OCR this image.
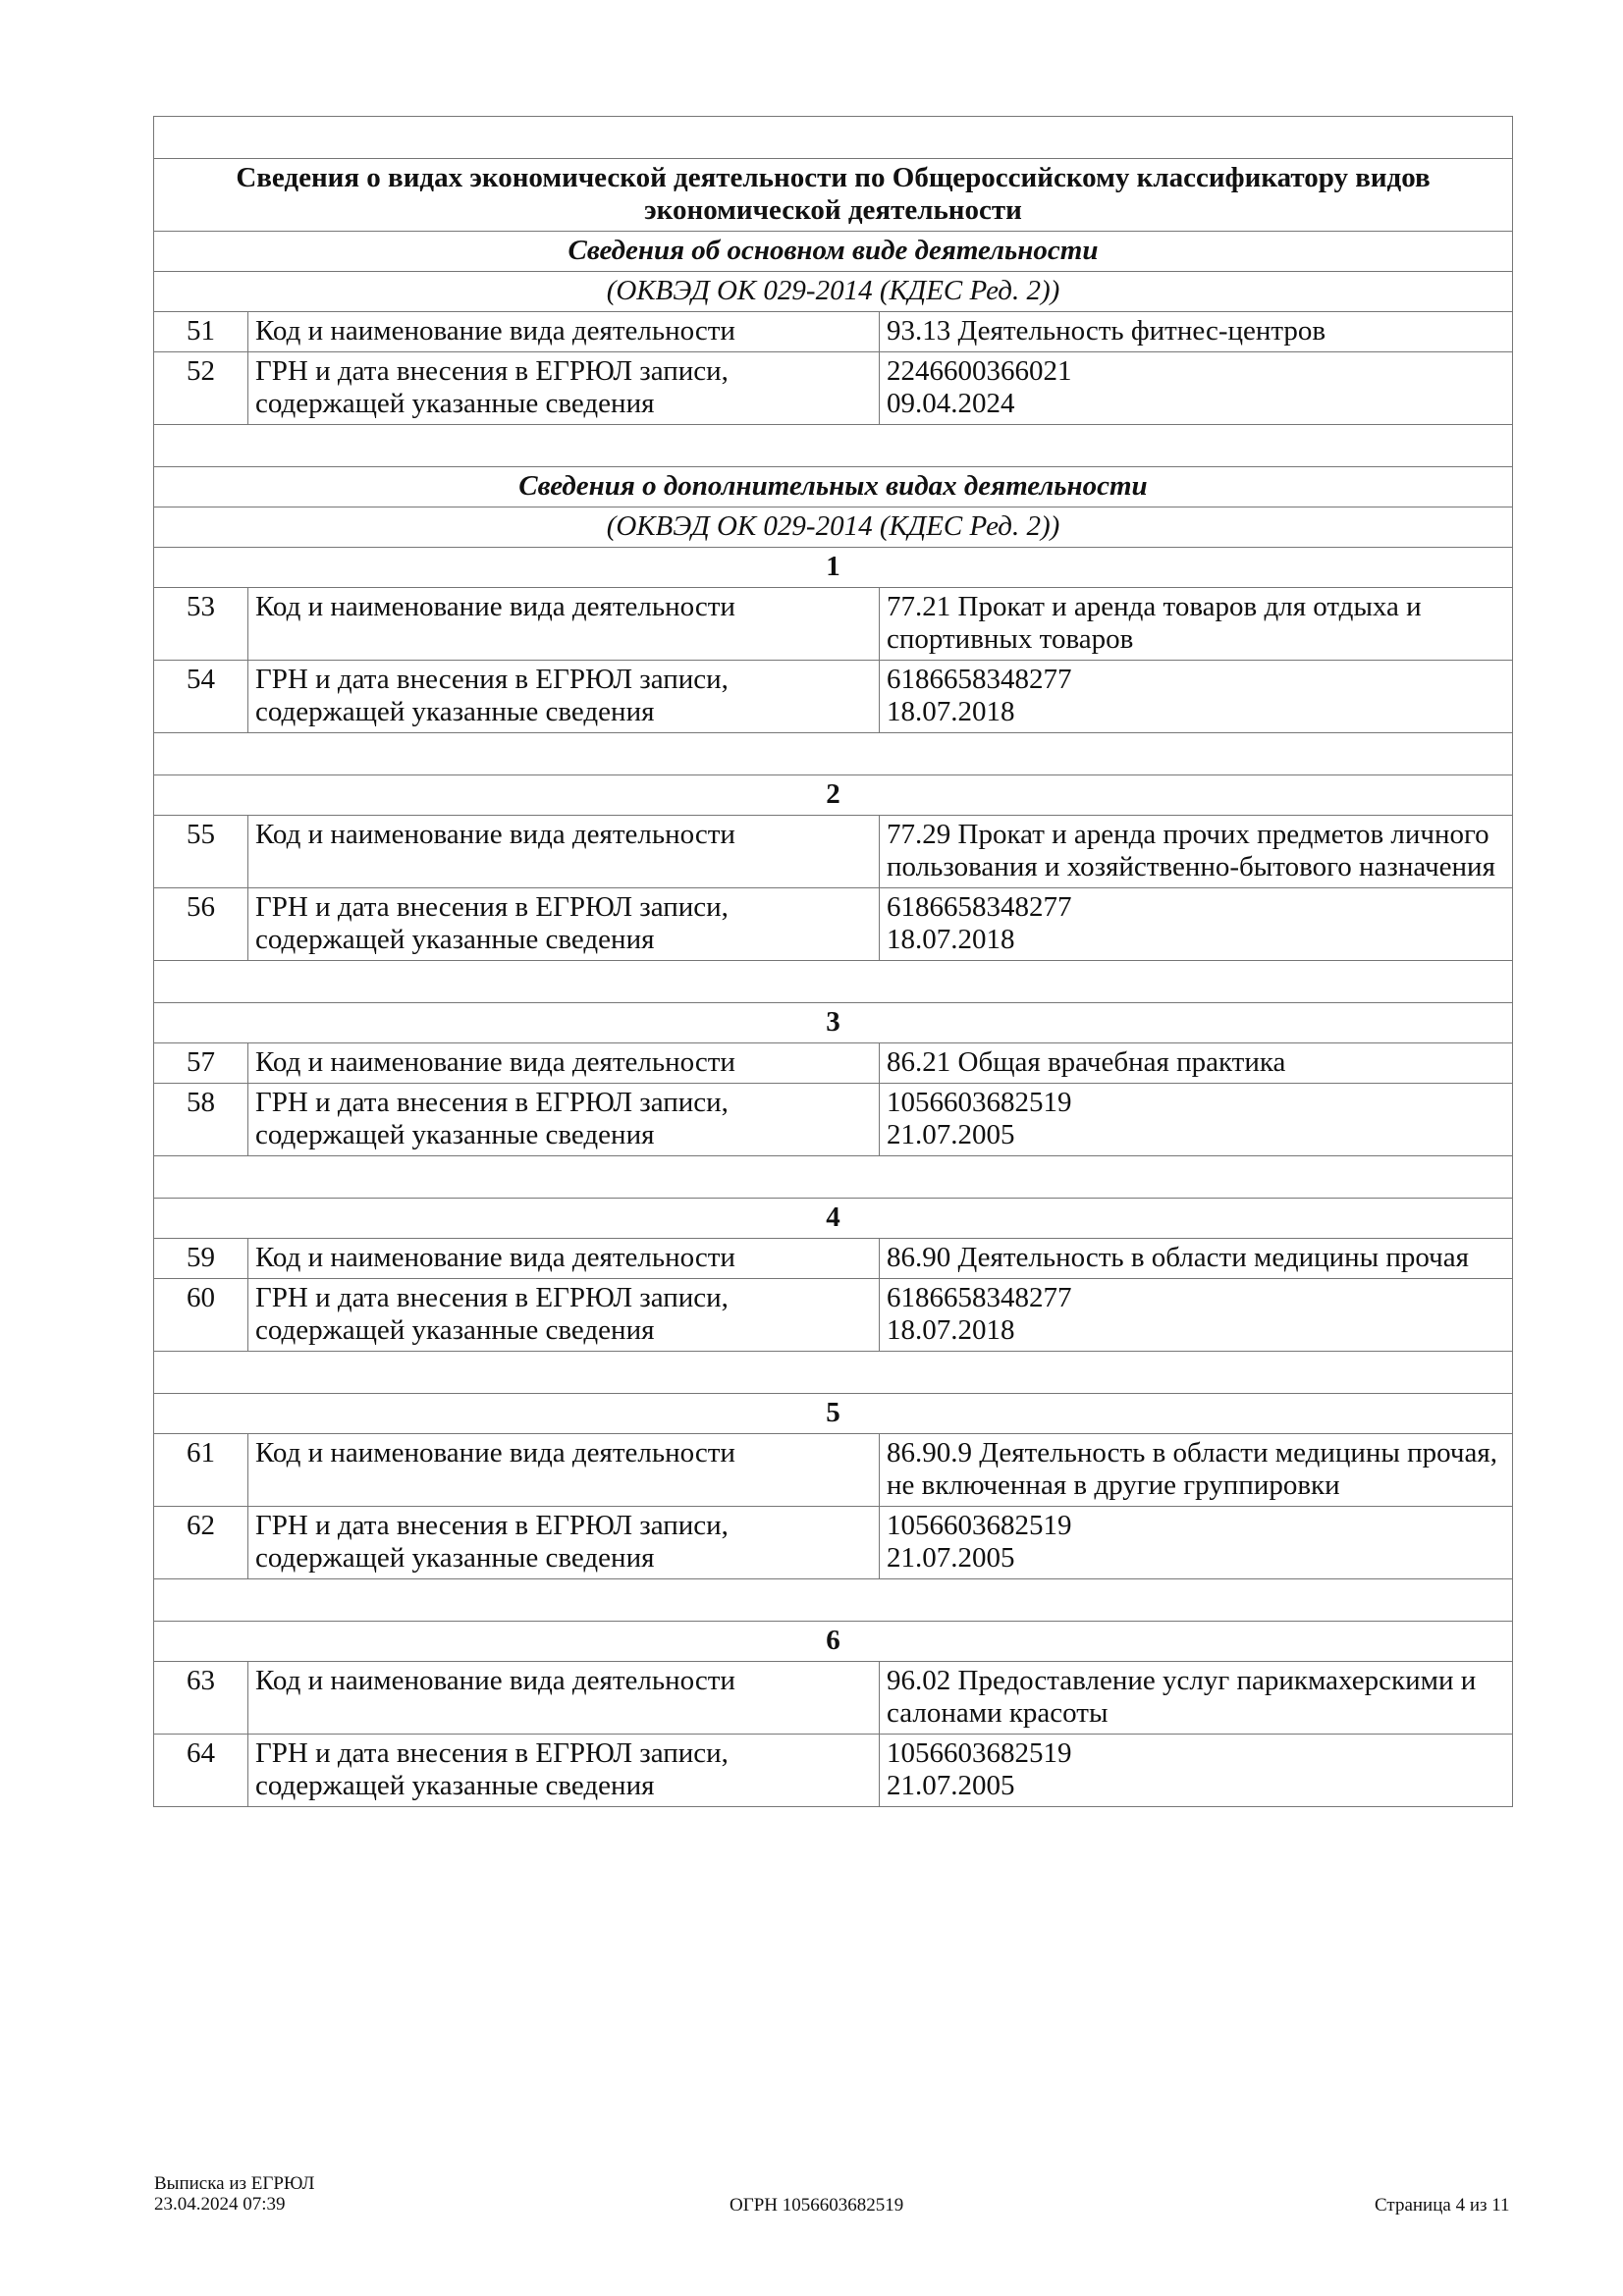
Сведения о видах экономической деятельности по Общероссийскому классификатору видов экономической деятельности		
Сведения об основном виде деятельности		
(ОКВЭД ОК 029-2014 (КДЕС Ред. 2))		
51	Код и наименование вида деятельности	93.13 Деятельность фитнес-центров
52	ГРН и дата внесения в ЕГРЮЛ записи, содержащей указанные сведения	2246600366021
09.04.2024

Сведения о дополнительных видах деятельности		
(ОКВЭД ОК 029-2014 (КДЕС Ред. 2))		
1		
53	Код и наименование вида деятельности	77.21 Прокат и аренда товаров для отдыха и спортивных товаров
54	ГРН и дата внесения в ЕГРЮЛ записи, содержащей указанные сведения	6186658348277
18.07.2018

2		
55	Код и наименование вида деятельности	77.29 Прокат и аренда прочих предметов личного пользования и хозяйственно-бытового назначения
56	ГРН и дата внесения в ЕГРЮЛ записи, содержащей указанные сведения	6186658348277
18.07.2018

3		
57	Код и наименование вида деятельности	86.21 Общая врачебная практика
58	ГРН и дата внесения в ЕГРЮЛ записи, содержащей указанные сведения	1056603682519
21.07.2005

4		
59	Код и наименование вида деятельности	86.90 Деятельность в области медицины прочая
60	ГРН и дата внесения в ЕГРЮЛ записи, содержащей указанные сведения	6186658348277
18.07.2018

5		
61	Код и наименование вида деятельности	86.90.9 Деятельность в области медицины прочая, не включенная в другие группировки
62	ГРН и дата внесения в ЕГРЮЛ записи, содержащей указанные сведения	1056603682519
21.07.2005

6		
63	Код и наименование вида деятельности	96.02 Предоставление услуг парикмахерскими и салонами красоты
64	ГРН и дата внесения в ЕГРЮЛ записи, содержащей указанные сведения	1056603682519
21.07.2005
Выписка из ЕГРЮЛ
23.04.2024 07:39	ОГРН 1056603682519	Страница 4 из 11
